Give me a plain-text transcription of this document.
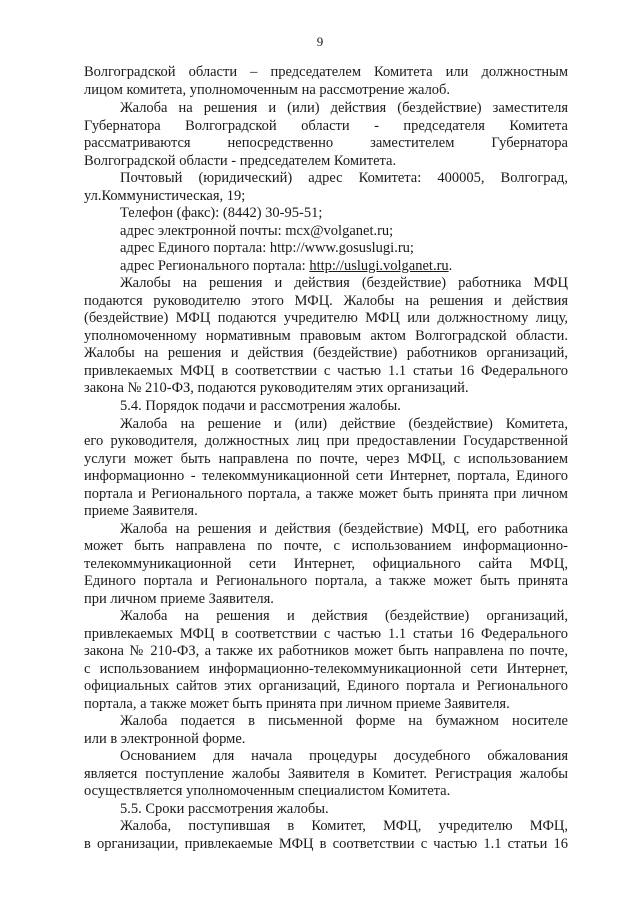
9
Волгоградской области – председателем Комитета или должностным
лицом комитета, уполномоченным на рассмотрение жалоб.
Жалоба на решения и (или) действия (бездействие) заместителя
Губернатора Волгоградской области - председателя Комитета
рассматриваются непосредственно заместителем Губернатора
Волгоградской области - председателем Комитета.
Почтовый (юридический) адрес Комитета: 400005, Волгоград,
ул.Коммунистическая, 19;
Телефон (факс): (8442) 30-95-51;
адрес электронной почты: mcx@volganet.ru;
адрес Единого портала: http://www.gosuslugi.ru;
адрес Регионального портала: http://uslugi.volganet.ru.
Жалобы на решения и действия (бездействие) работника МФЦ
подаются руководителю этого МФЦ. Жалобы на решения и действия
(бездействие) МФЦ подаются учредителю МФЦ или должностному лицу,
уполномоченному нормативным правовым актом Волгоградской области.
Жалобы на решения и действия (бездействие) работников организаций,
привлекаемых МФЦ в соответствии с частью 1.1 статьи 16 Федерального
закона № 210-ФЗ, подаются руководителям этих организаций.
5.4. Порядок подачи и рассмотрения жалобы.
Жалоба на решение и (или) действие (бездействие) Комитета,
его руководителя, должностных лиц при предоставлении Государственной
услуги может быть направлена по почте, через МФЦ, с использованием
информационно - телекоммуникационной сети Интернет, портала, Единого
портала и Регионального портала, а также может быть принята при личном
приеме Заявителя.
Жалоба на решения и действия (бездействие) МФЦ, его работника
может быть направлена по почте, с использованием информационно-
телекоммуникационной сети Интернет, официального сайта МФЦ,
Единого портала и Регионального портала, а также может быть принята
при личном приеме Заявителя.
Жалоба на решения и действия (бездействие) организаций,
привлекаемых МФЦ в соответствии с частью 1.1 статьи 16 Федерального
закона № 210-ФЗ, а также их работников может быть направлена по почте,
с использованием информационно-телекоммуникационной сети Интернет,
официальных сайтов этих организаций, Единого портала и Регионального
портала, а также может быть принята при личном приеме Заявителя.
Жалоба подается в письменной форме на бумажном носителе
или в электронной форме.
Основанием для начала процедуры досудебного обжалования
является поступление жалобы Заявителя в Комитет. Регистрация жалобы
осуществляется уполномоченным специалистом Комитета.
5.5. Сроки рассмотрения жалобы.
Жалоба, поступившая в Комитет, МФЦ, учредителю МФЦ,
в организации, привлекаемые МФЦ в соответствии с частью 1.1 статьи 16
